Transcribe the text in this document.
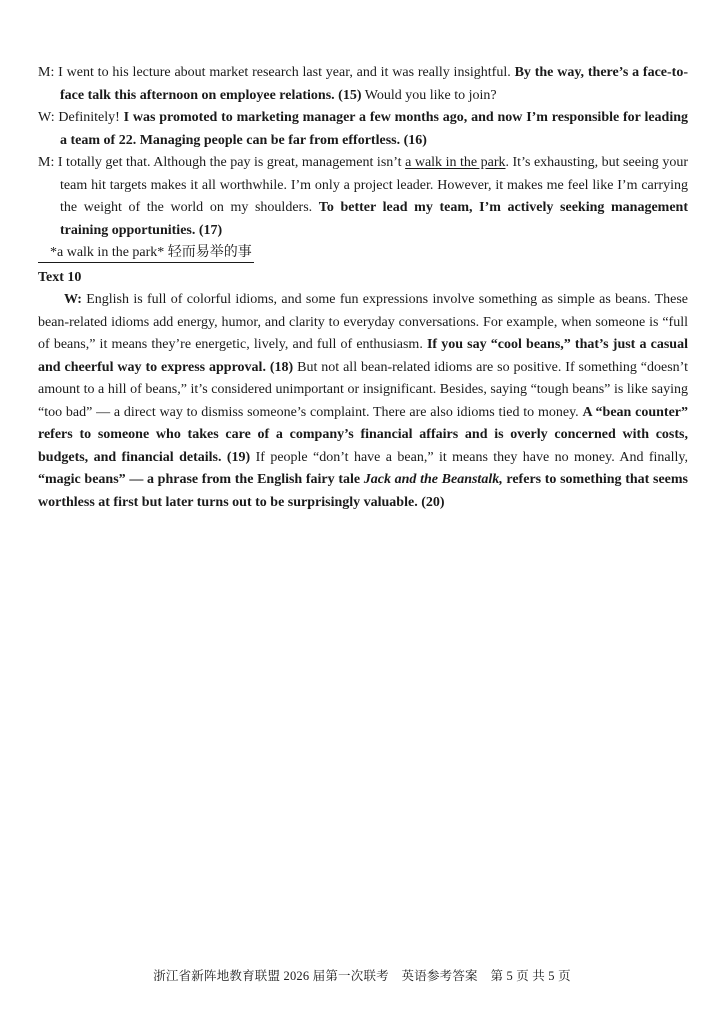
M: I went to his lecture about market research last year, and it was really insightful. By the way, there’s a face-to-face talk this afternoon on employee relations. (15) Would you like to join?

W: Definitely! I was promoted to marketing manager a few months ago, and now I’m responsible for leading a team of 22. Managing people can be far from effortless. (16)

M: I totally get that. Although the pay is great, management isn’t a walk in the park. It’s exhausting, but seeing your team hit targets makes it all worthwhile. I’m only a project leader. However, it makes me feel like I’m carrying the weight of the world on my shoulders. To better lead my team, I’m actively seeking management training opportunities. (17)

*a walk in the park* 轻而易举的事

Text 10

W: English is full of colorful idioms, and some fun expressions involve something as simple as beans. These bean-related idioms add energy, humor, and clarity to everyday conversations. For example, when someone is “full of beans,” it means they’re energetic, lively, and full of enthusiasm. If you say “cool beans,” that’s just a casual and cheerful way to express approval. (18) But not all bean-related idioms are so positive. If something “doesn’t amount to a hill of beans,” it’s considered unimportant or insignificant. Besides, saying “tough beans” is like saying “too bad” — a direct way to dismiss someone’s complaint. There are also idioms tied to money. A “bean counter” refers to someone who takes care of a company’s financial affairs and is overly concerned with costs, budgets, and financial details. (19) If people “don’t have a bean,” it means they have no money. And finally, “magic beans” — a phrase from the English fairy tale Jack and the Beanstalk, refers to something that seems worthless at first but later turns out to be surprisingly valuable. (20)

浙江省新阵地教育联盟 2026 届第一次联考　英语参考答案　第 5 页 共 5 页
